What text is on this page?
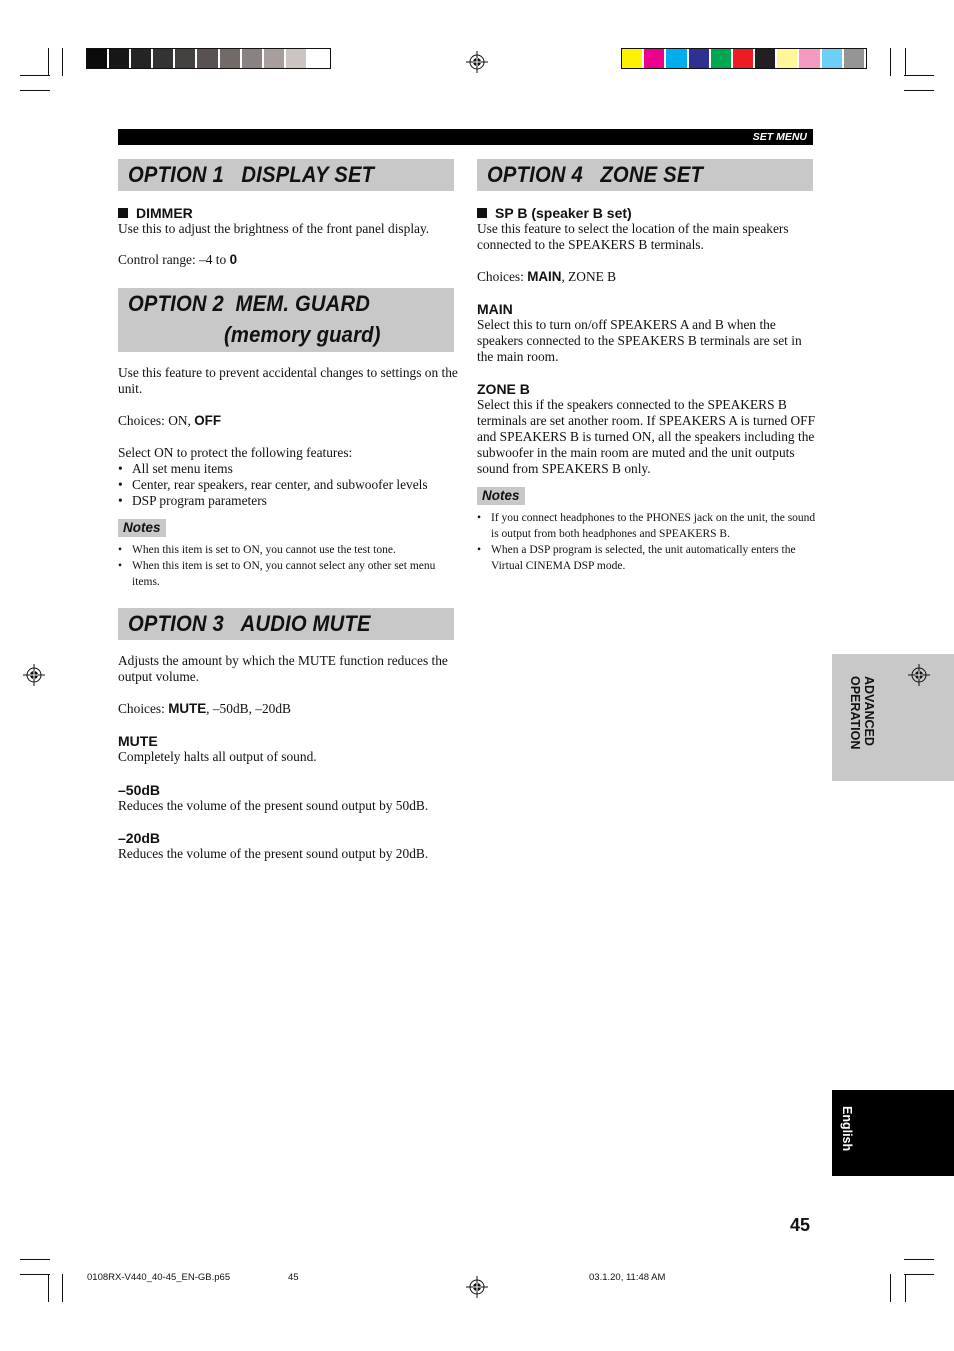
SET MENU

OPTION 1   DISPLAY SET

DIMMER
Use this to adjust the brightness of the front panel display.
Control range: –4 to 0

OPTION 2  MEM. GUARD

(memory guard)

Use this feature to prevent accidental changes to settings on the unit.
Choices: ON, OFF
Select ON to protect the following features:
• All set menu items
• Center, rear speakers, rear center, and subwoofer levels
• DSP program parameters
Notes
• When this item is set to ON, you cannot use the test tone.
• When this item is set to ON, you cannot select any other set menu items.

OPTION 3   AUDIO MUTE

Adjusts the amount by which the MUTE function reduces the output volume.
Choices: MUTE, –50dB, –20dB
MUTE
Completely halts all output of sound.
–50dB
Reduces the volume of the present sound output by 50dB.
–20dB
Reduces the volume of the present sound output by 20dB.

OPTION 4   ZONE SET

SP B (speaker B set)
Use this feature to select the location of the main speakers connected to the SPEAKERS B terminals.
Choices: MAIN, ZONE B
MAIN
Select this to turn on/off SPEAKERS A and B when the speakers connected to the SPEAKERS B terminals are set in the main room.
ZONE B
Select this if the speakers connected to the SPEAKERS B terminals are set another room. If SPEAKERS A is turned OFF and SPEAKERS B is turned ON, all the speakers including the subwoofer in the main room are muted and the unit outputs sound from SPEAKERS B only.
Notes
• If you connect headphones to the PHONES jack on the unit, the sound is output from both headphones and SPEAKERS B.
• When a DSP program is selected, the unit automatically enters the Virtual CINEMA DSP mode.
ADVANCED OPERATION
English
45
0108RX-V440_40-45_EN-GB.p65	45	03.1.20, 11:48 AM
